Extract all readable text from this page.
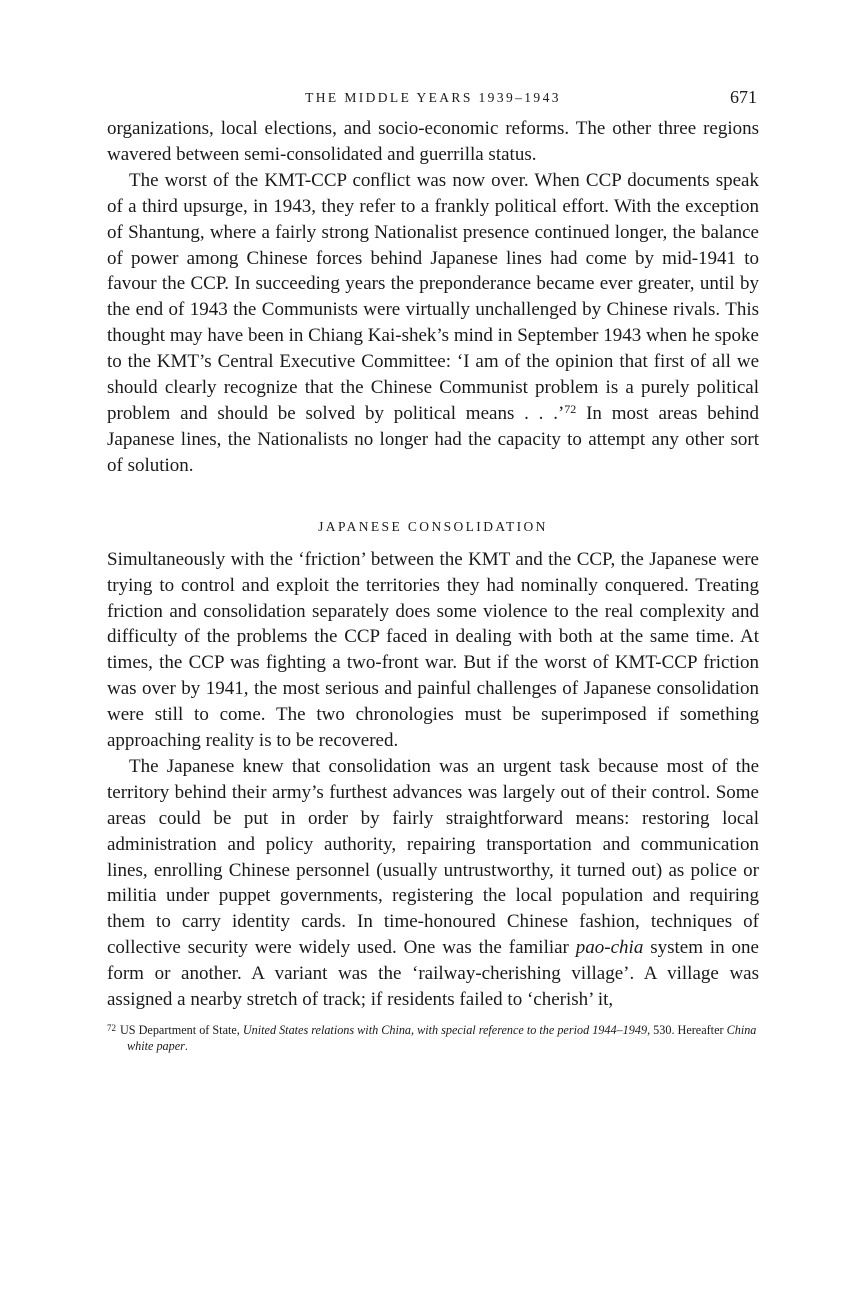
THE MIDDLE YEARS 1939–1943	671

organizations, local elections, and socio-economic reforms. The other three regions wavered between semi-consolidated and guerrilla status.

The worst of the KMT-CCP conflict was now over. When CCP documents speak of a third upsurge, in 1943, they refer to a frankly political effort. With the exception of Shantung, where a fairly strong Nationalist presence continued longer, the balance of power among Chinese forces behind Japanese lines had come by mid-1941 to favour the CCP. In succeeding years the preponderance became ever greater, until by the end of 1943 the Communists were virtually unchallenged by Chinese rivals. This thought may have been in Chiang Kai-shek’s mind in September 1943 when he spoke to the KMT’s Central Executive Committee: ‘I am of the opinion that first of all we should clearly recognize that the Chinese Communist problem is a purely political problem and should be solved by political means . . .’$^{72}$ In most areas behind Japanese lines, the Nationalists no longer had the capacity to attempt any other sort of solution.

JAPANESE CONSOLIDATION

Simultaneously with the ‘friction’ between the KMT and the CCP, the Japanese were trying to control and exploit the territories they had nominally conquered. Treating friction and consolidation separately does some violence to the real complexity and difficulty of the problems the CCP faced in dealing with both at the same time. At times, the CCP was fighting a two-front war. But if the worst of KMT-CCP friction was over by 1941, the most serious and painful challenges of Japanese consolidation were still to come. The two chronologies must be superimposed if something approaching reality is to be recovered.

The Japanese knew that consolidation was an urgent task because most of the territory behind their army’s furthest advances was largely out of their control. Some areas could be put in order by fairly straightforward means: restoring local administration and policy authority, repairing transportation and communication lines, enrolling Chinese personnel (usually untrustworthy, it turned out) as police or militia under puppet governments, registering the local population and requiring them to carry identity cards. In time-honoured Chinese fashion, techniques of collective security were widely used. One was the familiar pao-chia system in one form or another. A variant was the ‘railway-cherishing village’. A village was assigned a nearby stretch of track; if residents failed to ‘cherish’ it,

$^{72}$ US Department of State, United States relations with China, with special reference to the period 1944–1949, 530. Hereafter China white paper.
